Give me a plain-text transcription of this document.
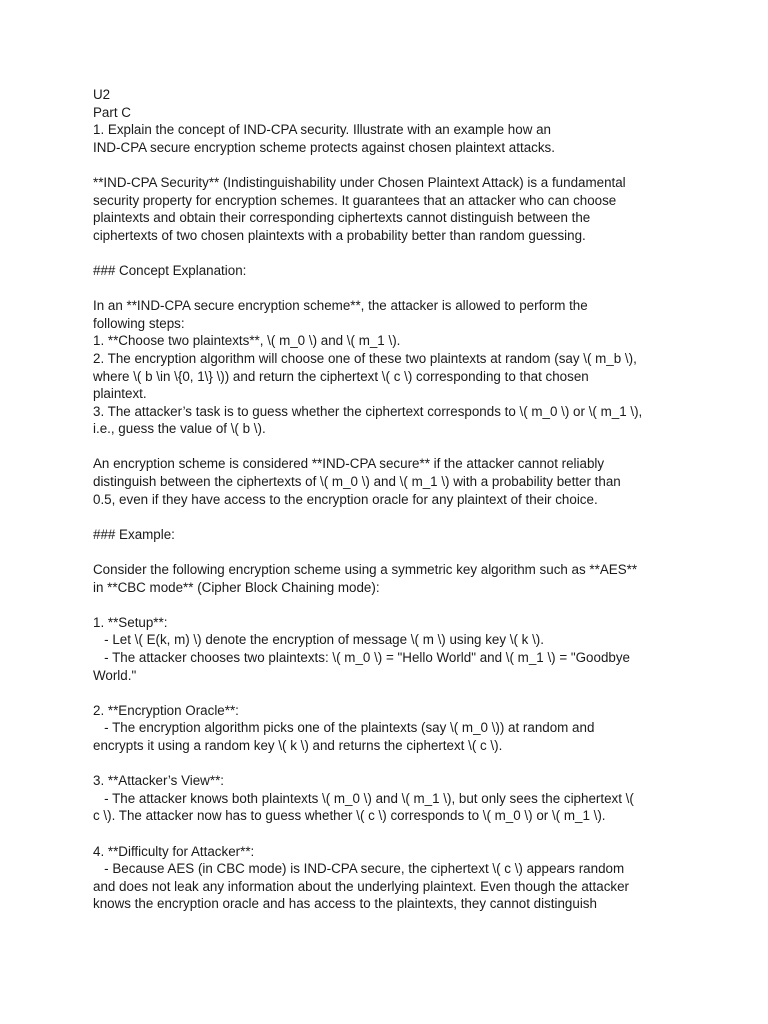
U2
Part C
1. Explain the concept of IND-CPA security. Illustrate with an example how an
IND-CPA secure encryption scheme protects against chosen plaintext attacks.
**IND-CPA Security** (Indistinguishability under Chosen Plaintext Attack) is a fundamental
security property for encryption schemes. It guarantees that an attacker who can choose
plaintexts and obtain their corresponding ciphertexts cannot distinguish between the
ciphertexts of two chosen plaintexts with a probability better than random guessing.
### Concept Explanation:
In an **IND-CPA secure encryption scheme**, the attacker is allowed to perform the
following steps:
1. **Choose two plaintexts**, \( m_0 \) and \( m_1 \).
2. The encryption algorithm will choose one of these two plaintexts at random (say \( m_b \),
where \( b \in \{0, 1\} \)) and return the ciphertext \( c \) corresponding to that chosen
plaintext.
3. The attacker’s task is to guess whether the ciphertext corresponds to \( m_0 \) or \( m_1 \),
i.e., guess the value of \( b \).
An encryption scheme is considered **IND-CPA secure** if the attacker cannot reliably
distinguish between the ciphertexts of \( m_0 \) and \( m_1 \) with a probability better than
0.5, even if they have access to the encryption oracle for any plaintext of their choice.
### Example:
Consider the following encryption scheme using a symmetric key algorithm such as **AES**
in **CBC mode** (Cipher Block Chaining mode):
1. **Setup**:
- Let \( E(k, m) \) denote the encryption of message \( m \) using key \( k \).
- The attacker chooses two plaintexts: \( m_0 \) = "Hello World" and \( m_1 \) = "Goodbye
World."
2. **Encryption Oracle**:
- The encryption algorithm picks one of the plaintexts (say \( m_0 \)) at random and
encrypts it using a random key \( k \) and returns the ciphertext \( c \).
3. **Attacker’s View**:
- The attacker knows both plaintexts \( m_0 \) and \( m_1 \), but only sees the ciphertext \(
c \). The attacker now has to guess whether \( c \) corresponds to \( m_0 \) or \( m_1 \).
4. **Difficulty for Attacker**:
- Because AES (in CBC mode) is IND-CPA secure, the ciphertext \( c \) appears random
and does not leak any information about the underlying plaintext. Even though the attacker
knows the encryption oracle and has access to the plaintexts, they cannot distinguish
